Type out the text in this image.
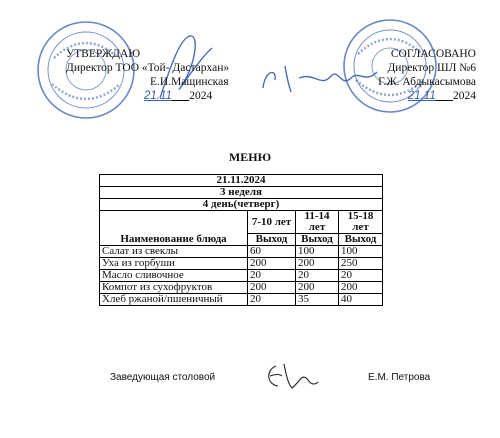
УТВЕРЖДАЮ
Директор ТОО «Той- Дастархан»
Е.И.Мащинская
21.11___2024
СОГЛАСОВАНО
Директор ШЛ №6
Г.Ж. Абдыкасымова
21.11___2024
МЕНЮ
21.11.2024			
3 неделя			
4 день(четверг)			
Наименование блюда	7-10 лет	11-14 лет	15-18 лет
	Выход	Выход	Выход
Салат из свеклы	60	100	100
Уха из горбуши	200	200	250
Масло сливочное	20	20	20
Компот из сухофруктов	200	200	200
Хлеб ржаной/пшеничный	20	35	40
Заведующая столовой	Е.М. Петрова
